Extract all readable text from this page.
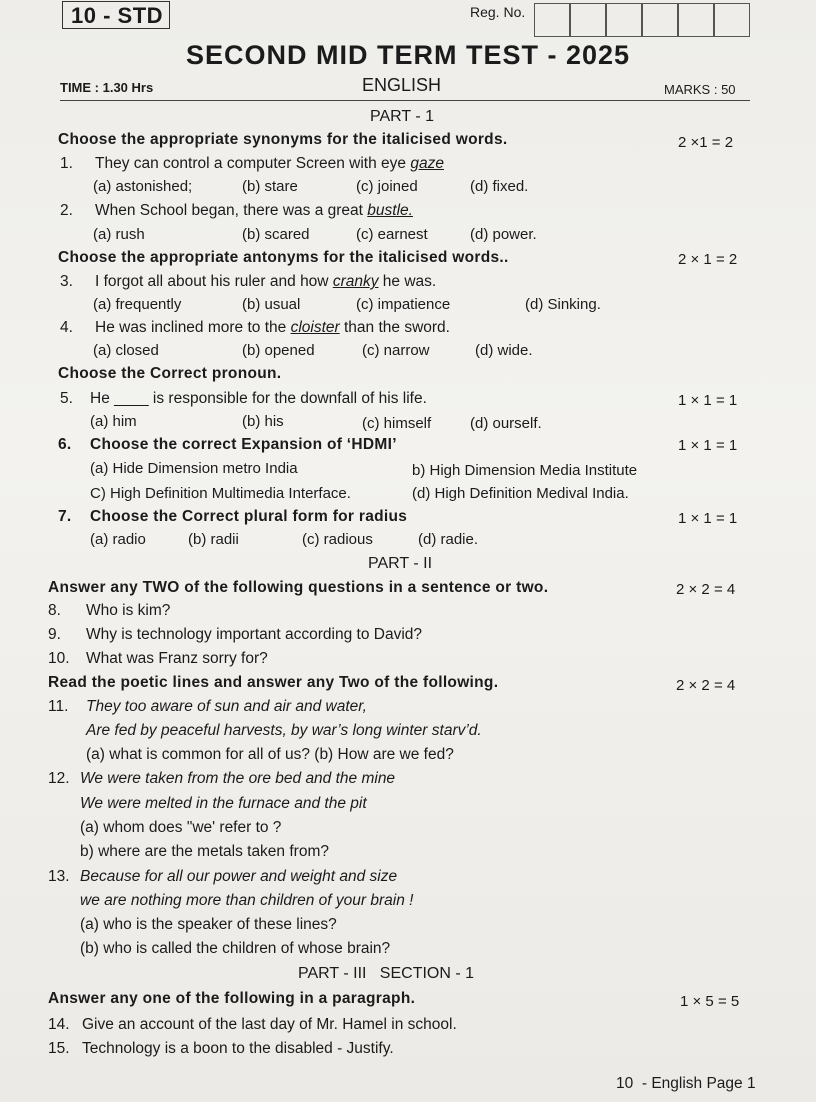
10 - STD	Reg. No.
SECOND MID TERM TEST - 2025
TIME : 1.30 Hrs	ENGLISH	MARKS : 50
PART - 1
Choose the appropriate synonyms for the italicised words.	2 ×1 = 2
1. They can control a computer Screen with eye gaze
(a) astonished;	(b) stare	(c) joined	(d) fixed.
2. When School began, there was a great bustle.
(a) rush	(b) scared	(c) earnest	(d) power.
Choose the appropriate antonyms for the italicised words..	2 × 1 = 2
3. I forgot all about his ruler and how cranky he was.
(a) frequently	(b) usual	(c) impatience	(d) Sinking.
4. He was inclined more to the cloister than the sword.
(a) closed	(b) opened	(c) narrow	(d) wide.
Choose the Correct pronoun.
5. He ____ is responsible for the downfall of his life.	1 × 1 = 1
(a) him	(b) his	(c) himself	(d) ourself.
6. Choose the correct Expansion of ‘HDMI’	1 × 1 = 1
(a) Hide Dimension metro India	b) High Dimension Media Institute
C) High Definition Multimedia Interface.	(d) High Definition Medival India.
7. Choose the Correct plural form for radius	1 × 1 = 1
(a) radio	(b) radii	(c) radious	(d) radie.
PART - II
Answer any TWO of the following questions in a sentence or two.	2 × 2 = 4
8. Who is kim?
9. Why is technology important according to David?
10. What was Franz sorry for?
Read the poetic lines and answer any Two of the following.	2 × 2 = 4
11. They too aware of sun and air and water,
Are fed by peaceful harvests, by war’s long winter starv’d.
(a) what is common for all of us? (b) How are we fed?
12. We were taken from the ore bed and the mine
We were melted in the furnace and the pit
(a) whom does "we' refer to ?
b) where are the metals taken from?
13. Because for all our power and weight and size
we are nothing more than children of your brain !
(a) who is the speaker of these lines?
(b) who is called the children of whose brain?
PART - III   SECTION - 1
Answer any one of the following in a paragraph.	1 × 5 = 5
14. Give an account of the last day of Mr. Hamel in school.
15. Technology is a boon to the disabled - Justify.
10  - English Page 1
